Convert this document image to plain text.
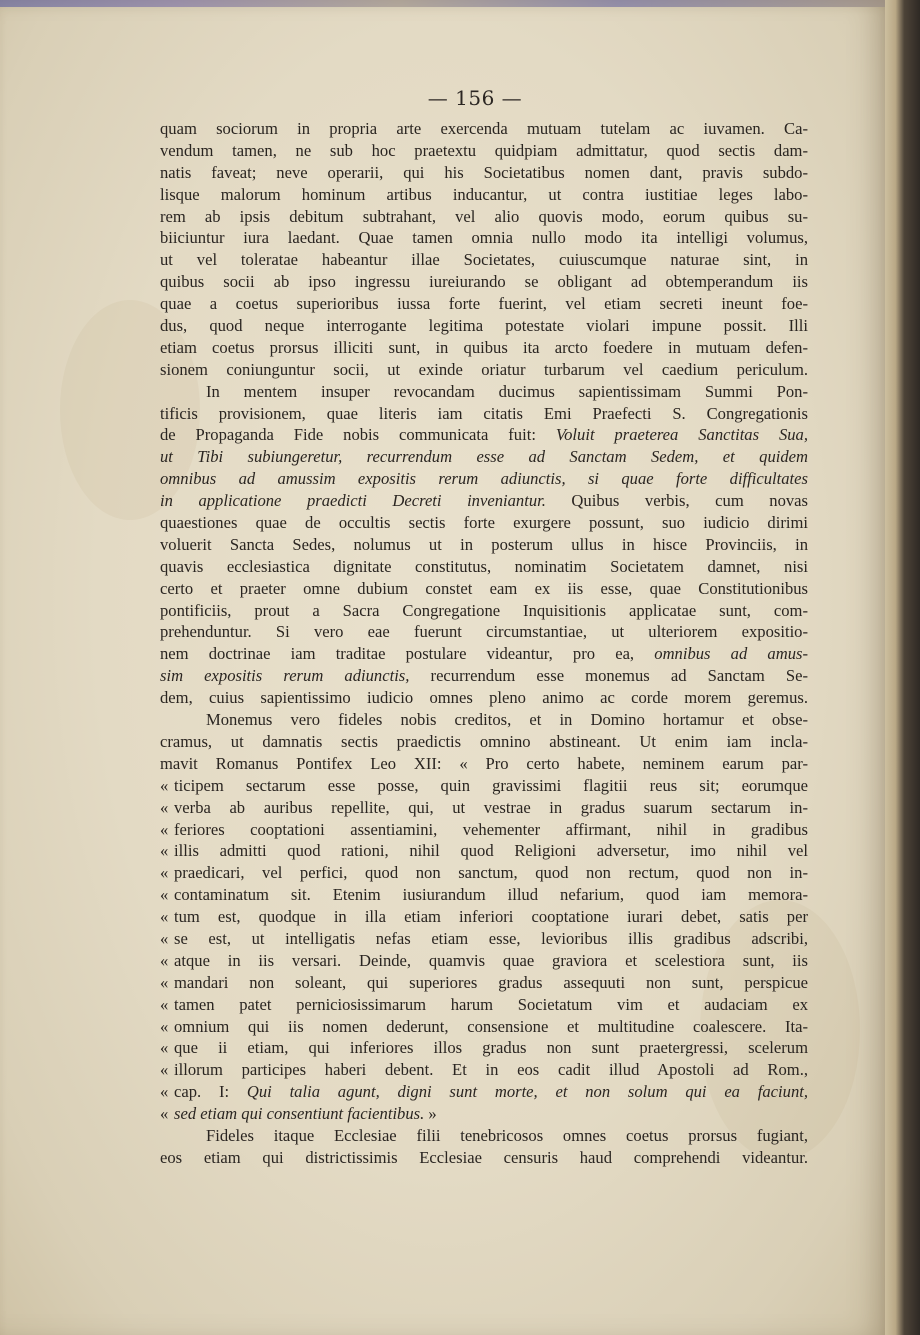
— 156 —
quam sociorum in propria arte exercenda mutuam tutelam ac iuvamen. Ca-
vendum tamen, ne sub hoc praetextu quidpiam admittatur, quod sectis dam-
natis faveat; neve operarii, qui his Societatibus nomen dant, pravis subdo-
lisque malorum hominum artibus inducantur, ut contra iustitiae leges labo-
rem ab ipsis debitum subtrahant, vel alio quovis modo, eorum quibus su-
biiciuntur iura laedant. Quae tamen omnia nullo modo ita intelligi volumus,
ut vel toleratae habeantur illae Societates, cuiuscumque naturae sint, in
quibus socii ab ipso ingressu iureiurando se obligant ad obtemperandum iis
quae a coetus superioribus iussa forte fuerint, vel etiam secreti ineunt foe-
dus, quod neque interrogante legitima potestate violari impune possit. Illi
etiam coetus prorsus illiciti sunt, in quibus ita arcto foedere in mutuam defen-
sionem coniunguntur socii, ut exinde oriatur turbarum vel caedium periculum.
In mentem insuper revocandam ducimus sapientissimam Summi Pon-
tificis provisionem, quae literis iam citatis Emi Praefecti S. Congregationis
de Propaganda Fide nobis communicata fuit: Voluit praeterea Sanctitas Sua,
ut Tibi subiungeretur, recurrendum esse ad Sanctam Sedem, et quidem
omnibus ad amussim expositis rerum adiunctis, si quae forte difficultates
in applicatione praedicti Decreti inveniantur. Quibus verbis, cum novas
quaestiones quae de occultis sectis forte exurgere possunt, suo iudicio dirimi
voluerit Sancta Sedes, nolumus ut in posterum ullus in hisce Provinciis, in
quavis ecclesiastica dignitate constitutus, nominatim Societatem damnet, nisi
certo et praeter omne dubium constet eam ex iis esse, quae Constitutionibus
pontificiis, prout a Sacra Congregatione Inquisitionis applicatae sunt, com-
prehenduntur. Si vero eae fuerunt circumstantiae, ut ulteriorem expositio-
nem doctrinae iam traditae postulare videantur, pro ea, omnibus ad amus-
sim expositis rerum adiunctis, recurrendum esse monemus ad Sanctam Se-
dem, cuius sapientissimo iudicio omnes pleno animo ac corde morem geremus.
Monemus vero fideles nobis creditos, et in Domino hortamur et obse-
cramus, ut damnatis sectis praedictis omnino abstineant. Ut enim iam incla-
mavit Romanus Pontifex Leo XII: « Pro certo habete, neminem earum par-
« ticipem sectarum esse posse, quin gravissimi flagitii reus sit; eorumque
« verba ab auribus repellite, qui, ut vestrae in gradus suarum sectarum in-
« feriores cooptationi assentiamini, vehementer affirmant, nihil in gradibus
« illis admitti quod rationi, nihil quod Religioni adversetur, imo nihil vel
« praedicari, vel perfici, quod non sanctum, quod non rectum, quod non in-
« contaminatum sit. Etenim iusiurandum illud nefarium, quod iam memora-
« tum est, quodque in illa etiam inferiori cooptatione iurari debet, satis per
« se est, ut intelligatis nefas etiam esse, levioribus illis gradibus adscribi,
« atque in iis versari. Deinde, quamvis quae graviora et scelestiora sunt, iis
« mandari non soleant, qui superiores gradus assequuti non sunt, perspicue
« tamen patet perniciosissimarum harum Societatum vim et audaciam ex
« omnium qui iis nomen dederunt, consensione et multitudine coalescere. Ita-
« que ii etiam, qui inferiores illos gradus non sunt praetergressi, scelerum
« illorum participes haberi debent. Et in eos cadit illud Apostoli ad Rom.,
« cap. I: Qui talia agunt, digni sunt morte, et non solum qui ea faciunt,
« sed etiam qui consentiunt facientibus. »
Fideles itaque Ecclesiae filii tenebricosos omnes coetus prorsus fugiant,
eos etiam qui districtissimis Ecclesiae censuris haud comprehendi videantur.
